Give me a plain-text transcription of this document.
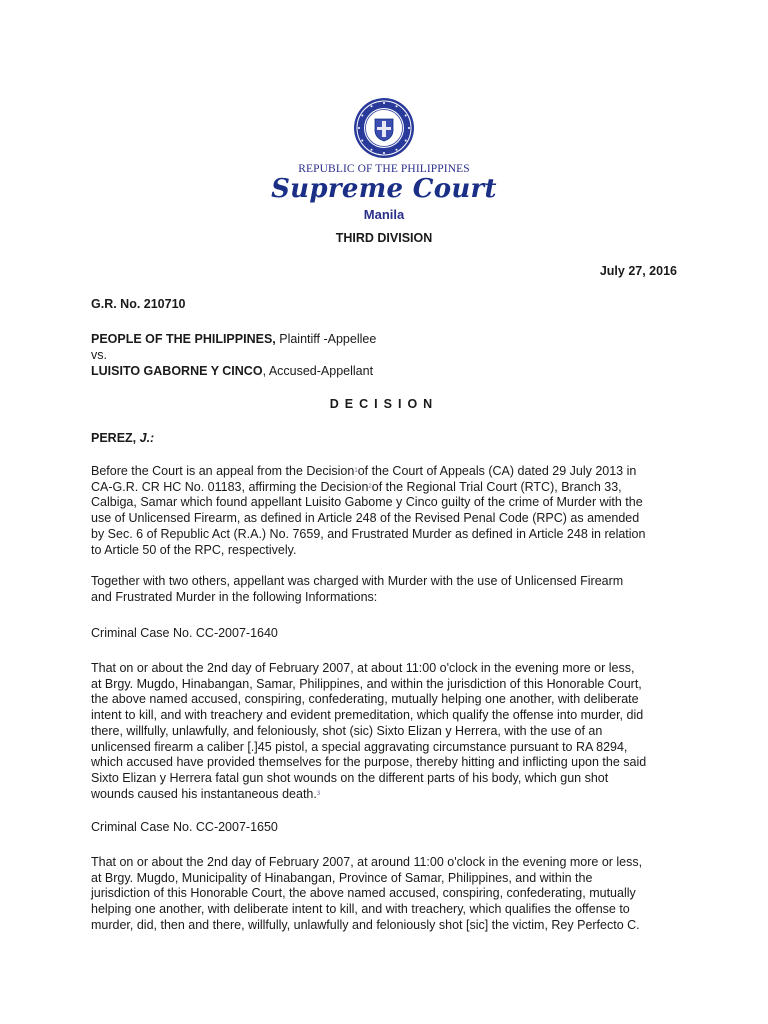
REPUBLIC OF THE PHILIPPINES
Supreme Court
Manila
THIRD DIVISION
July 27, 2016
G.R. No. 210710
PEOPLE OF THE PHILIPPINES, Plaintiff -Appellee
vs.
LUISITO GABORNE Y CINCO, Accused-Appellant
DECISION
PEREZ, J.:
Before the Court is an appeal from the Decision$^1$of the Court of Appeals (CA) dated 29 July 2013 in
CA-G.R. CR HC No. 01183, affirming the Decision$^2$of the Regional Trial Court (RTC), Branch 33,
Calbiga, Samar which found appellant Luisito Gabome y Cinco guilty of the crime of Murder with the
use of Unlicensed Firearm, as defined in Article 248 of the Revised Penal Code (RPC) as amended
by Sec. 6 of Republic Act (R.A.) No. 7659, and Frustrated Murder as defined in Article 248 in relation
to Article 50 of the RPC, respectively.
Together with two others, appellant was charged with Murder with the use of Unlicensed Firearm
and Frustrated Murder in the following Informations:
Criminal Case No. CC-2007-1640
That on or about the 2nd day of February 2007, at about 11:00 o'clock in the evening more or less,
at Brgy. Mugdo, Hinabangan, Samar, Philippines, and within the jurisdiction of this Honorable Court,
the above named accused, conspiring, confederating, mutually helping one another, with deliberate
intent to kill, and with treachery and evident premeditation, which qualify the offense into murder, did
there, willfully, unlawfully, and feloniously, shot (sic) Sixto Elizan y Herrera, with the use of an
unlicensed firearm a caliber [.]45 pistol, a special aggravating circumstance pursuant to RA 8294,
which accused have provided themselves for the purpose, thereby hitting and inflicting upon the said
Sixto Elizan y Herrera fatal gun shot wounds on the different parts of his body, which gun shot
wounds caused his instantaneous death.$^3$
Criminal Case No. CC-2007-1650
That on or about the 2nd day of February 2007, at around 11:00 o'clock in the evening more or less,
at Brgy. Mugdo, Municipality of Hinabangan, Province of Samar, Philippines, and within the
jurisdiction of this Honorable Court, the above named accused, conspiring, confederating, mutually
helping one another, with deliberate intent to kill, and with treachery, which qualifies the offense to
murder, did, then and there, willfully, unlawfully and feloniously shot [sic] the victim, Rey Perfecto C.
